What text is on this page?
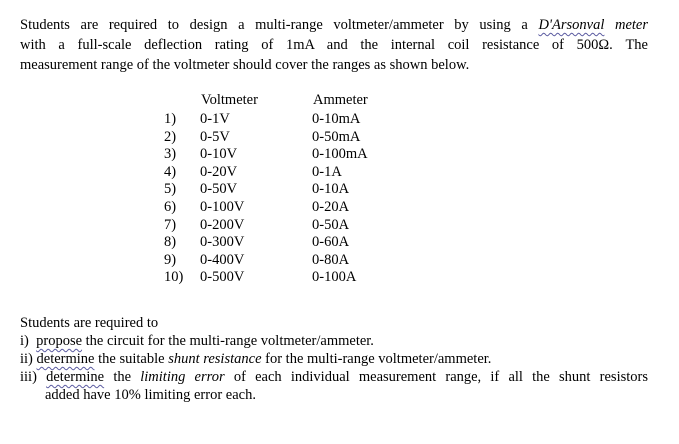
Students are required to design a multi-range voltmeter/ammeter by using a D'Arsonval meter
with a full-scale deflection rating of 1mA and the internal coil resistance of 500Ω. The
measurement range of the voltmeter should cover the ranges as shown below.
Voltmeter	Ammeter
1)	0-1V	0-10mA
2)	0-5V	0-50mA
3)	0-10V	0-100mA
4)	0-20V	0-1A
5)	0-50V	0-10A
6)	0-100V	0-20A
7)	0-200V	0-50A
8)	0-300V	0-60A
9)	0-400V	0-80A
10)	0-500V	0-100A
Students are required to
i) propose the circuit for the multi-range voltmeter/ammeter.
ii) determine the suitable shunt resistance for the multi-range voltmeter/ammeter.
iii) determine the limiting error of each individual measurement range, if all the shunt resistors
added have 10% limiting error each.
